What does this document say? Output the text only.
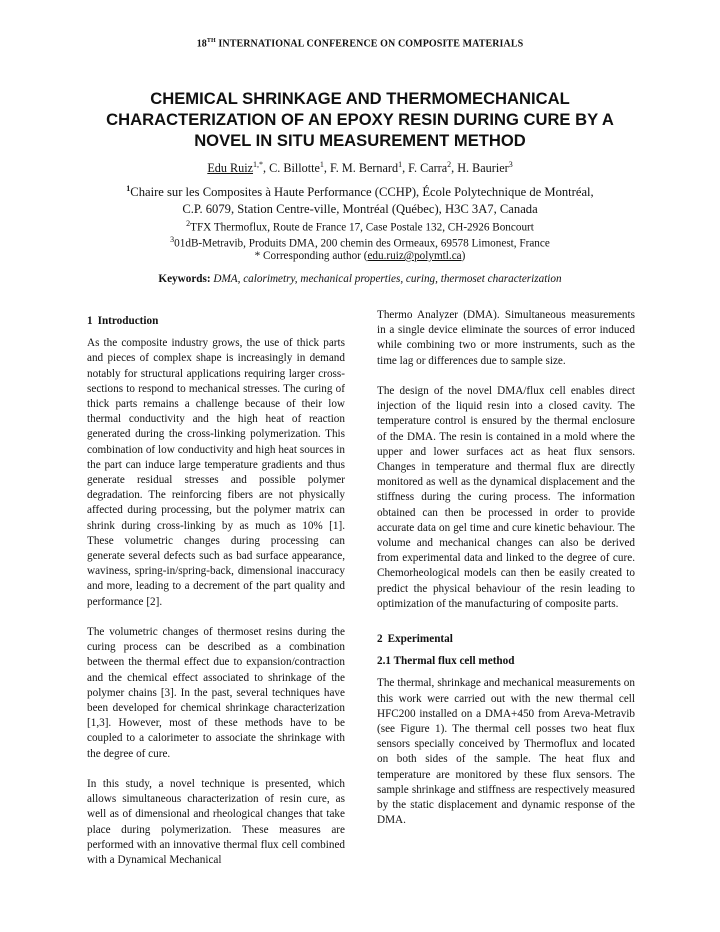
18TH INTERNATIONAL CONFERENCE ON COMPOSITE MATERIALS
CHEMICAL SHRINKAGE AND THERMOMECHANICAL
CHARACTERIZATION OF AN EPOXY RESIN DURING CURE BY A
NOVEL IN SITU MEASUREMENT METHOD
Edu Ruiz$^{1,*}$, C. Billotte$^1$, F. M. Bernard$^1$, F. Carra$^2$, H. Baurier$^3$
$^1$Chaire sur les Composites à Haute Performance (CCHP), École Polytechnique de Montréal,
C.P. 6079, Station Centre-ville, Montréal (Québec), H3C 3A7, Canada
$^2$TFX Thermoflux, Route de France 17, Case Postale 132, CH-2926 Boncourt
$^3$01dB-Metravib, Produits DMA, 200 chemin des Ormeaux, 69578 Limonest, France
* Corresponding author (edu.ruiz@polymtl.ca)
Keywords: DMA, calorimetry, mechanical properties, curing, thermoset characterization
1 Introduction

As the composite industry grows, the use of thick parts and pieces of complex shape is increasingly in demand notably for structural applications requiring larger cross-sections to respond to mechanical stresses. The curing of thick parts remains a challenge because of their low thermal conductivity and the high heat of reaction generated during the cross-linking polymerization. This combination of low conductivity and high heat sources in the part can induce large temperature gradients and thus generate residual stresses and possible polymer degradation. The reinforcing fibers are not physically affected during processing, but the polymer matrix can shrink during cross-linking by as much as 10% [1]. These volumetric changes during processing can generate several defects such as bad surface appearance, waviness, spring-in/spring-back, dimensional inaccuracy and more, leading to a decrement of the part quality and performance [2].

The volumetric changes of thermoset resins during the curing process can be described as a combination between the thermal effect due to expansion/contraction and the chemical effect associated to shrinkage of the polymer chains [3]. In the past, several techniques have been developed for chemical shrinkage characterization [1,3]. However, most of these methods have to be coupled to a calorimeter to associate the shrinkage with the degree of cure.

In this study, a novel technique is presented, which allows simultaneous characterization of resin cure, as well as of dimensional and rheological changes that take place during polymerization. These measures are performed with an innovative thermal flux cell combined with a Dynamical Mechanical

Thermo Analyzer (DMA). Simultaneous measurements in a single device eliminate the sources of error induced while combining two or more instruments, such as the time lag or differences due to sample size.

The design of the novel DMA/flux cell enables direct injection of the liquid resin into a closed cavity. The temperature control is ensured by the thermal enclosure of the DMA. The resin is contained in a mold where the upper and lower surfaces act as heat flux sensors. Changes in temperature and thermal flux are directly monitored as well as the dynamical displacement and the stiffness during the curing process. The information obtained can then be processed in order to provide accurate data on gel time and cure kinetic behaviour. The volume and mechanical changes can also be derived from experimental data and linked to the degree of cure. Chemorheological models can then be easily created to predict the physical behaviour of the resin leading to optimization of the manufacturing of composite parts.

2 Experimental
2.1 Thermal flux cell method

The thermal, shrinkage and mechanical measurements on this work were carried out with the new thermal cell HFC200 installed on a DMA+450 from Areva-Metravib (see Figure 1). The thermal cell posses two heat flux sensors specially conceived by Thermoflux and located on both sides of the sample. The heat flux and temperature are monitored by these flux sensors. The sample shrinkage and stiffness are respectively measured by the static displacement and dynamic response of the DMA.
